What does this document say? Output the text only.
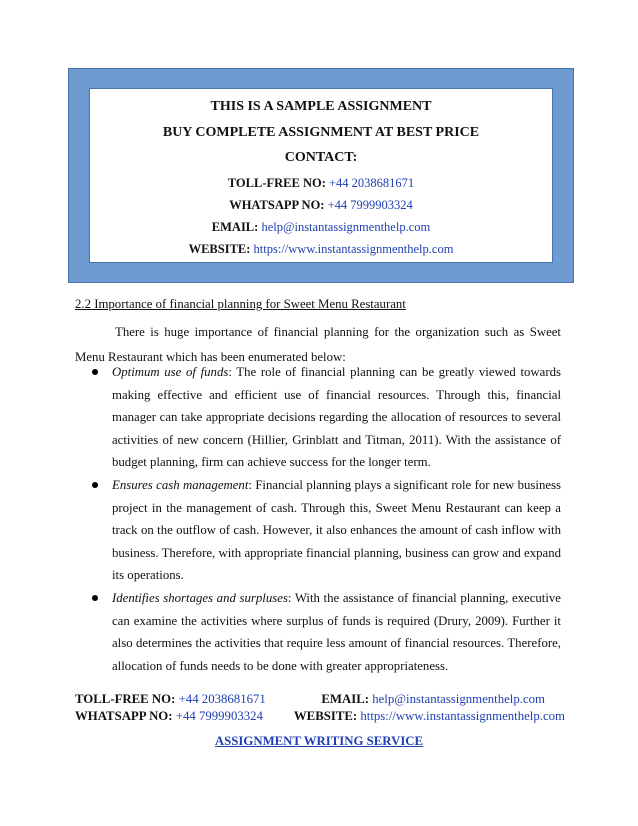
THIS IS A SAMPLE ASSIGNMENT
BUY COMPLETE ASSIGNMENT AT BEST PRICE
CONTACT:
TOLL-FREE NO: +44 2038681671
WHATSAPP NO: +44 7999903324
EMAIL: help@instantassignmenthelp.com
WEBSITE: https://www.instantassignmenthelp.com
2.2 Importance of financial planning for Sweet Menu Restaurant
There is huge importance of financial planning for the organization such as Sweet Menu Restaurant which has been enumerated below:
Optimum use of funds: The role of financial planning can be greatly viewed towards making effective and efficient use of financial resources. Through this, financial manager can take appropriate decisions regarding the allocation of resources to several activities of new concern (Hillier, Grinblatt and Titman, 2011). With the assistance of budget planning, firm can achieve success for the longer term.
Ensures cash management: Financial planning plays a significant role for new business project in the management of cash. Through this, Sweet Menu Restaurant can keep a track on the outflow of cash. However, it also enhances the amount of cash inflow with business. Therefore, with appropriate financial planning, business can grow and expand its operations.
Identifies shortages and surpluses: With the assistance of financial planning, executive can examine the activities where surplus of funds is required (Drury, 2009). Further it also determines the activities that require less amount of financial resources. Therefore, allocation of funds needs to be done with greater appropriateness.
TOLL-FREE NO: +44 2038681671	EMAIL: help@instantassignmenthelp.com
WHATSAPP NO: +44 7999903324 WEBSITE: https://www.instantassignmenthelp.com
ASSIGNMENT WRITING SERVICE
